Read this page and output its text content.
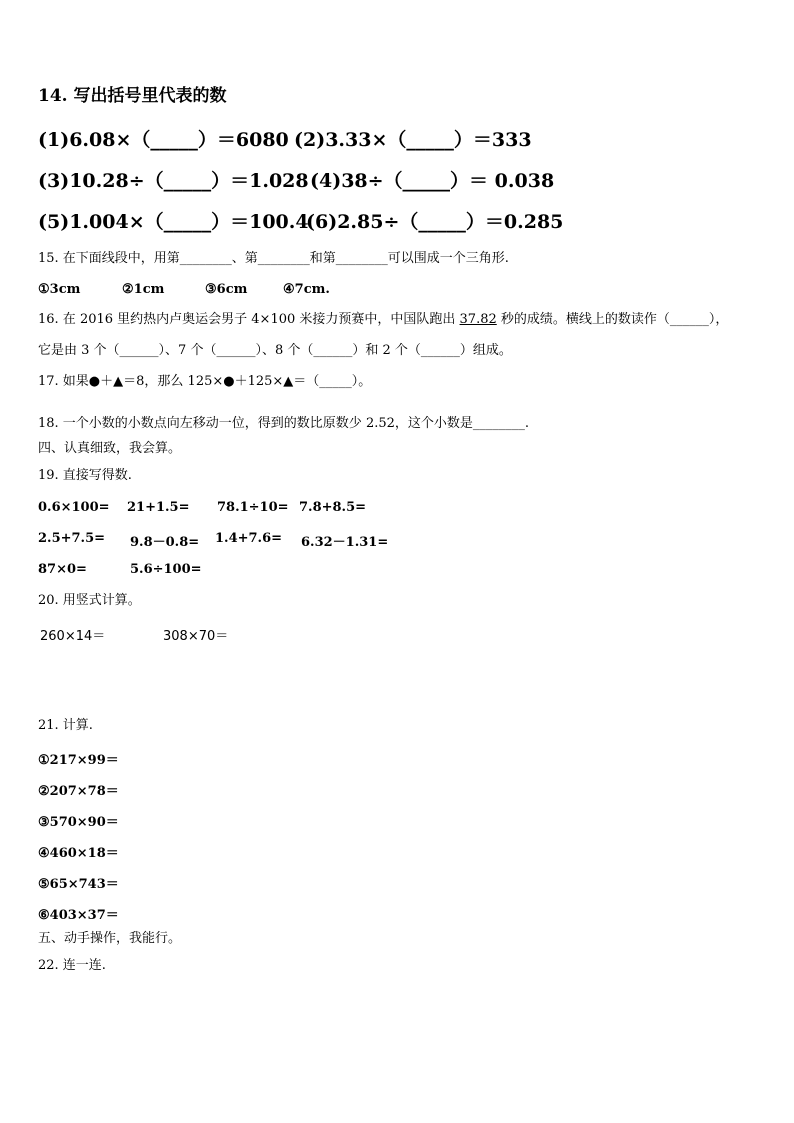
14. 写出括号里代表的数
(1)6.08×（_____）＝6080 (2)3.33×（_____）＝333
(3)10.28÷（_____）＝1.028 (4)38÷（_____）＝ 0.038
(5)1.004×（_____）＝100.4
(6)2.85÷（_____）＝0.285
15. 在下面线段中，用第________、第________和第________可以围成一个三角形.
①3cm	②1cm	③6cm	④7cm.
16. 在 2016 里约热内卢奥运会男子 4×100 米接力预赛中，中国队跑出 37.82 秒的成绩。横线上的数读作（______），
它是由 3 个（______）、7 个（______）、8 个（______）和 2 个（______）组成。
17. 如果●＋▲＝8，那么 125×●＋125×▲＝（_____）。
18. 一个小数的小数点向左移动一位，得到的数比原数少 2.52，这个小数是________.
四、认真细致，我会算。
19. 直接写得数.
0.6×100= 21+1.5= 78.1÷10= 7.8+8.5=
2.5+7.5= 9.8－0.8= 1.4+7.6= 6.32－1.31=
87×0=	5.6÷100=
20. 用竖式计算。
260×14＝	308×70＝
21. 计算.
①217×99＝
②207×78＝
③570×90＝
④460×18＝
⑤65×743＝
⑥403×37＝
五、动手操作，我能行。
22. 连一连.
